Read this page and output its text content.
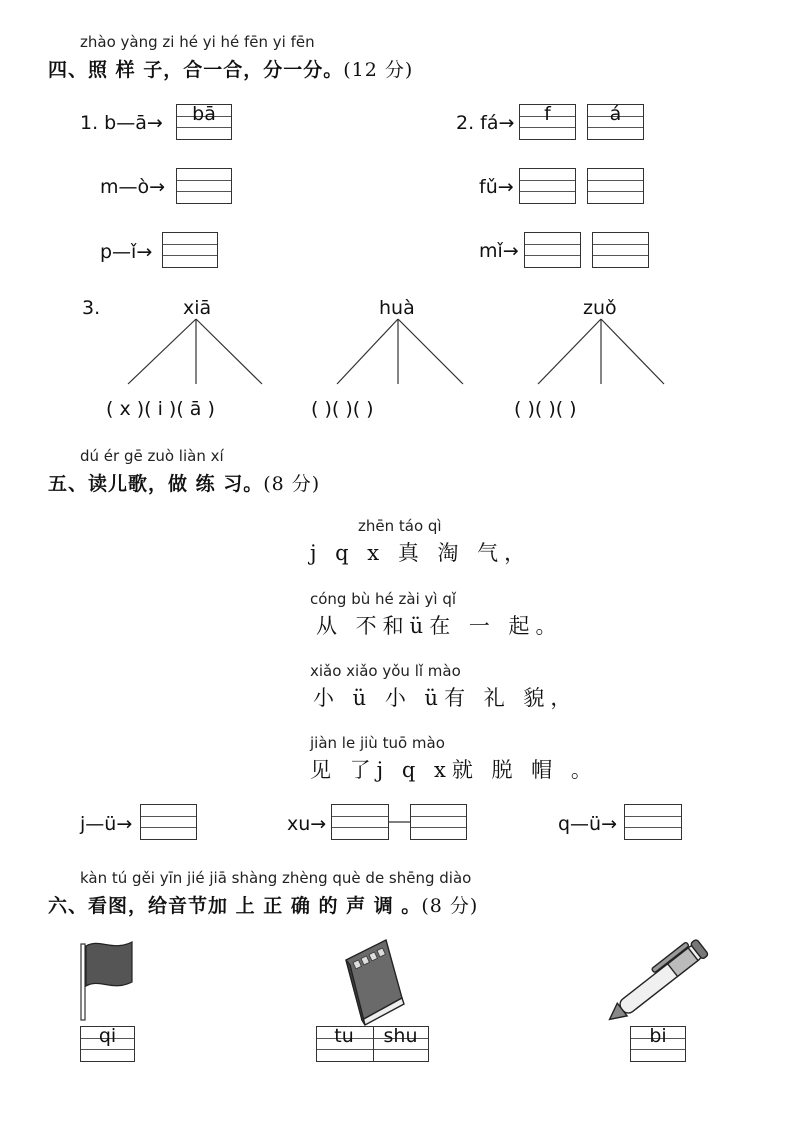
zhào yàng zi hé yi hé fēn yi fēn
四、照 样 子，合一合，分一分。(12 分)
1. b—ā→	bā
m—ò→
p—ǐ→
2. fá→	f	á
fǔ→
mǐ→
3.	xiā	huà	zuǒ
( x )( i )( ā )	( )( )( )	( )( )( )
dú ér gē zuò liàn xí
五、读儿歌，做 练 习。(8 分)
zhēn táo qì
j q x 真 淘 气，
cóng bù hé zài yì qǐ
从 不和ü在 一 起。
xiǎo xiǎo yǒu lǐ mào
小 ü 小 ü有 礼 貌，
jiàn le jiù tuō mào
见 了j q x就 脱 帽 。
j—ü→	xu→	q—ü→
kàn tú gěi yīn jié jiā shàng zhèng què de shēng diào
六、看图，给音节加 上 正 确 的 声 调 。(8 分)
qi	tu	shu	bi
